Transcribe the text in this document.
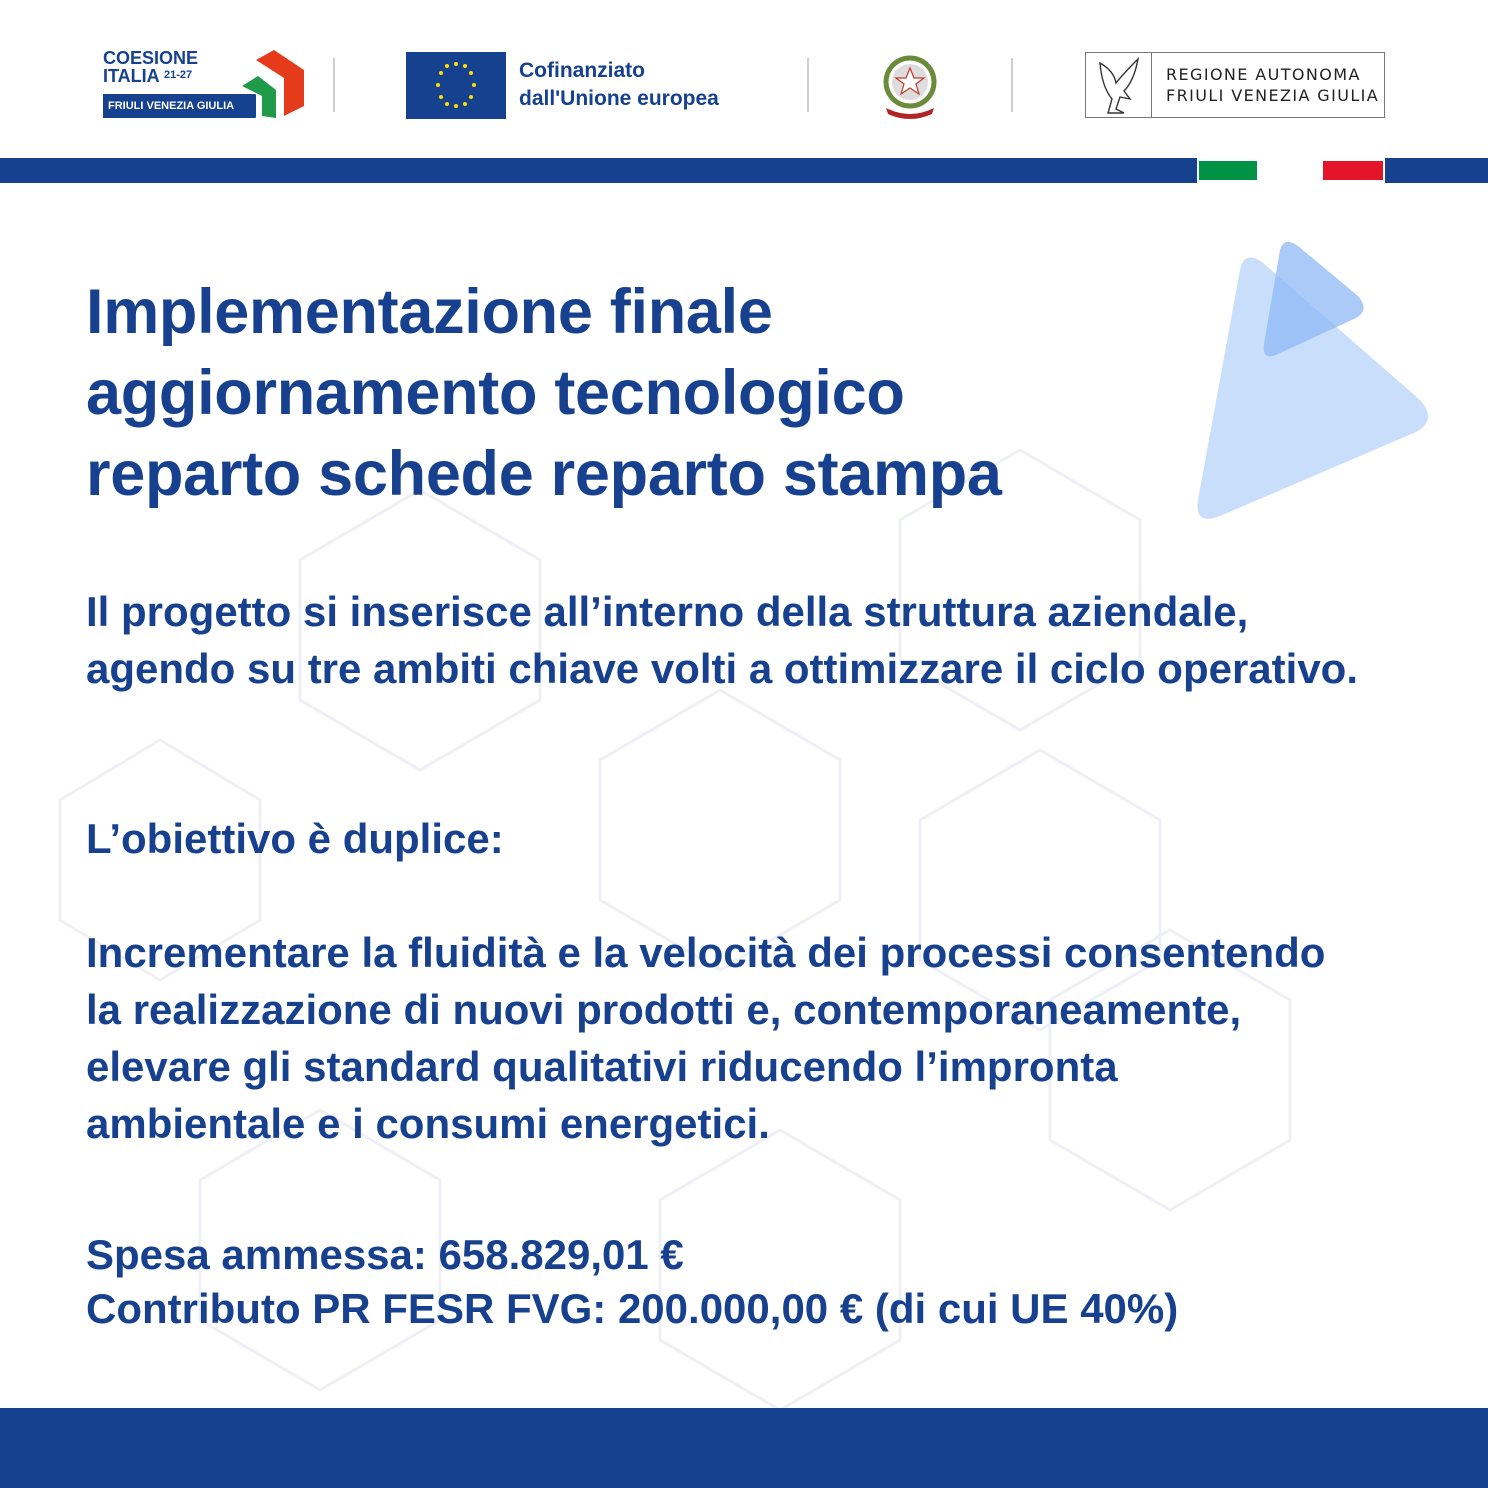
COESIONE
ITALIA $^{21-27}$
FRIULI VENEZIA GIULIA
Cofinanziato
dall'Unione europea
REGIONE AUTONOMA
FRIULI VENEZIA GIULIA
Implementazione finale
aggiornamento tecnologico
reparto schede reparto stampa
Il progetto si inserisce all’interno della struttura aziendale, agendo su tre ambiti chiave volti a ottimizzare il ciclo operativo.
L’obiettivo è duplice:
Incrementare la fluidità e la velocità dei processi consentendo la realizzazione di nuovi prodotti e, contemporaneamente, elevare gli standard qualitativi riducendo l’impronta ambientale e i consumi energetici.
Spesa ammessa: 658.829,01 €
Contributo PR FESR FVG: 200.000,00 € (di cui UE 40%)
